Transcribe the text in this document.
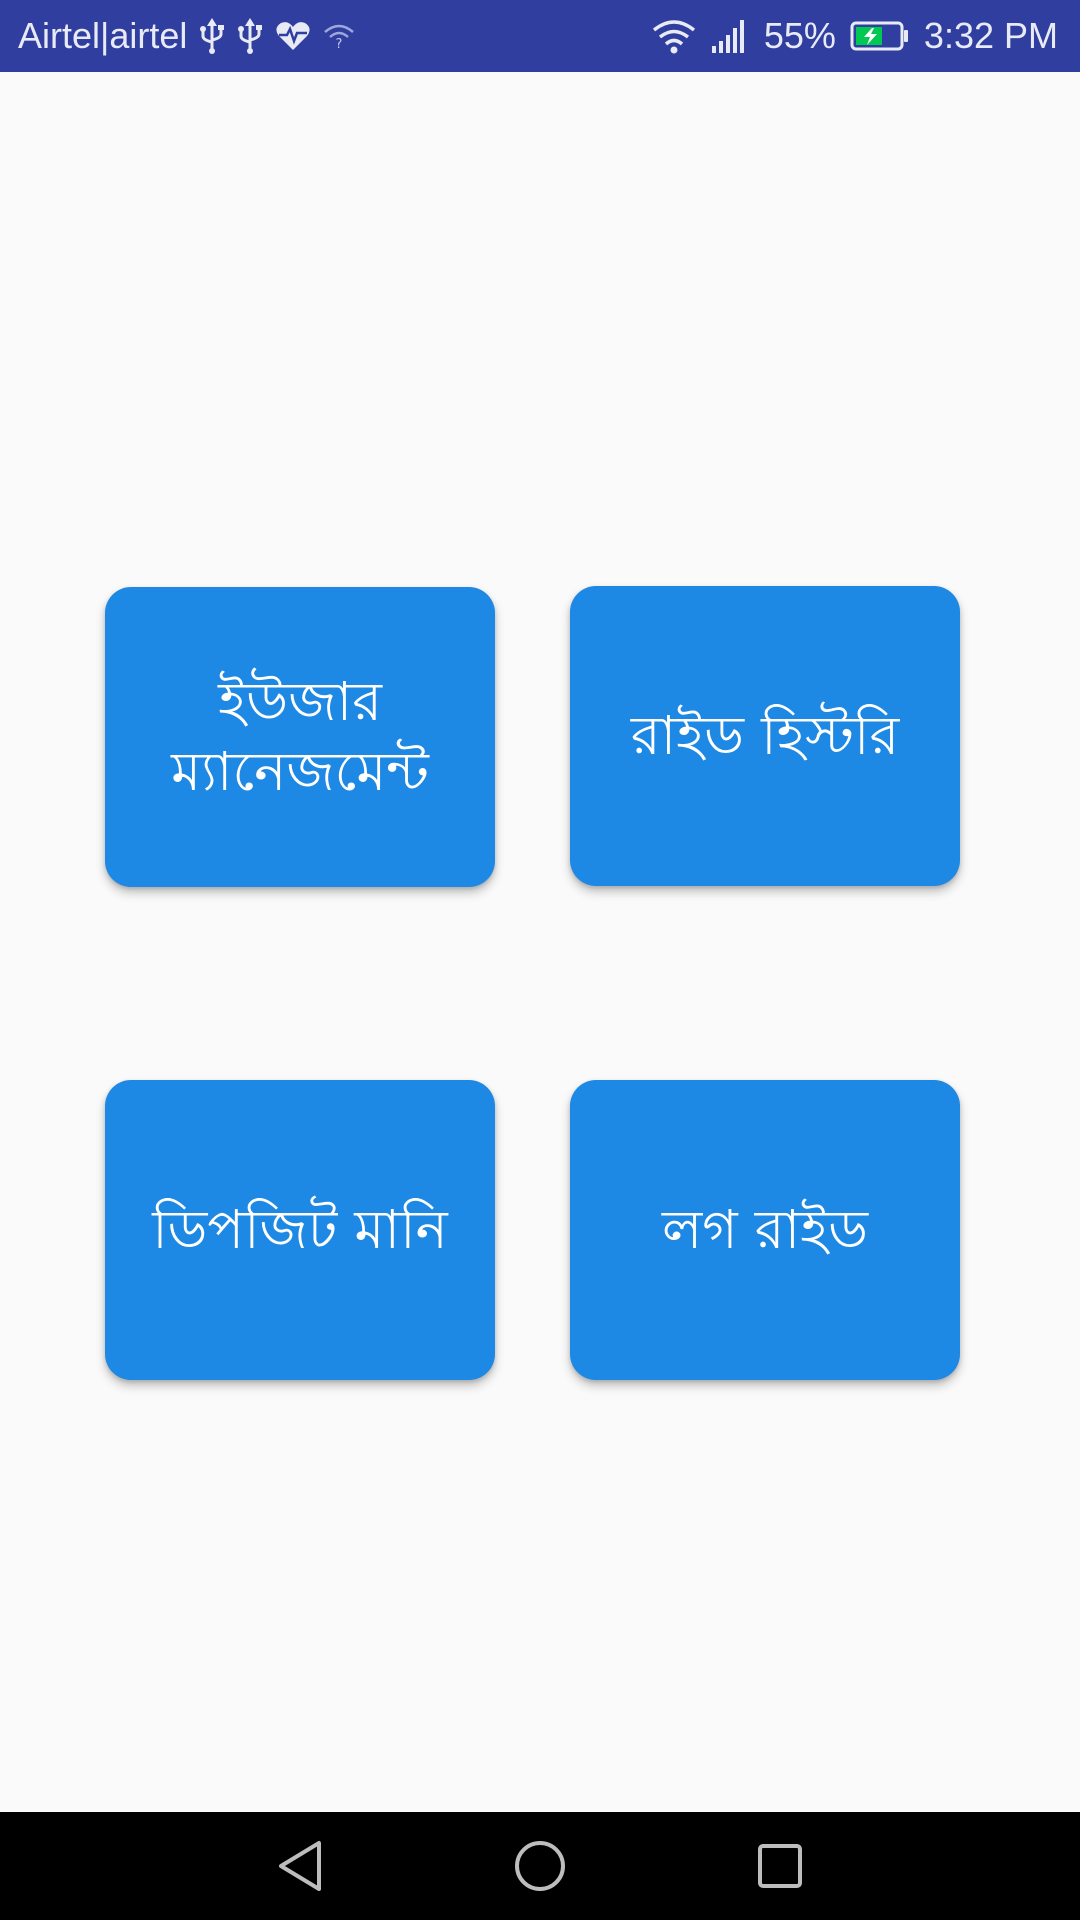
Airtel|airtel	?	55% 3:32 PM
ইউজার ম্যানেজমেন্ট
রাইড হিস্টরি
ডিপজিট মানি	লগ রাইড
